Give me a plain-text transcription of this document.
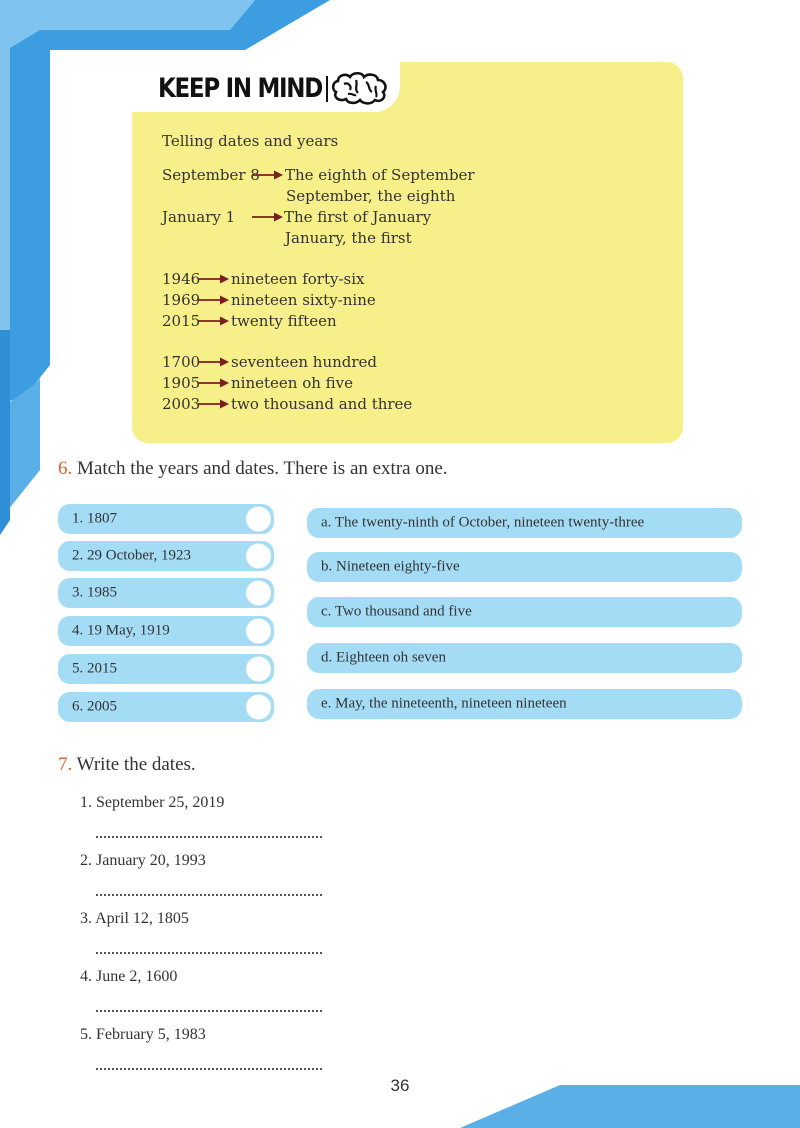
KEEP IN MIND
Telling dates and years
September 8 The eighth of September
September, the eighth
January 1	The first of January
January, the first
1946 nineteen forty-six
1969 nineteen sixty-nine
2015 twenty fifteen
1700 seventeen hundred
1905 nineteen oh five
2003 two thousand and three
6. Match the years and dates. There is an extra one.
1. 1807
2. 29 October, 1923
3. 1985
4. 19 May, 1919
5. 2015
6. 2005
a. The twenty-ninth of October, nineteen twenty-three
b. Nineteen eighty-five
c. Two thousand and five
d. Eighteen oh seven
e. May, the nineteenth, nineteen nineteen
7. Write the dates.
1. September 25, 2019
2. January 20, 1993
3. April 12, 1805
4. June 2, 1600
5. February 5, 1983
36
